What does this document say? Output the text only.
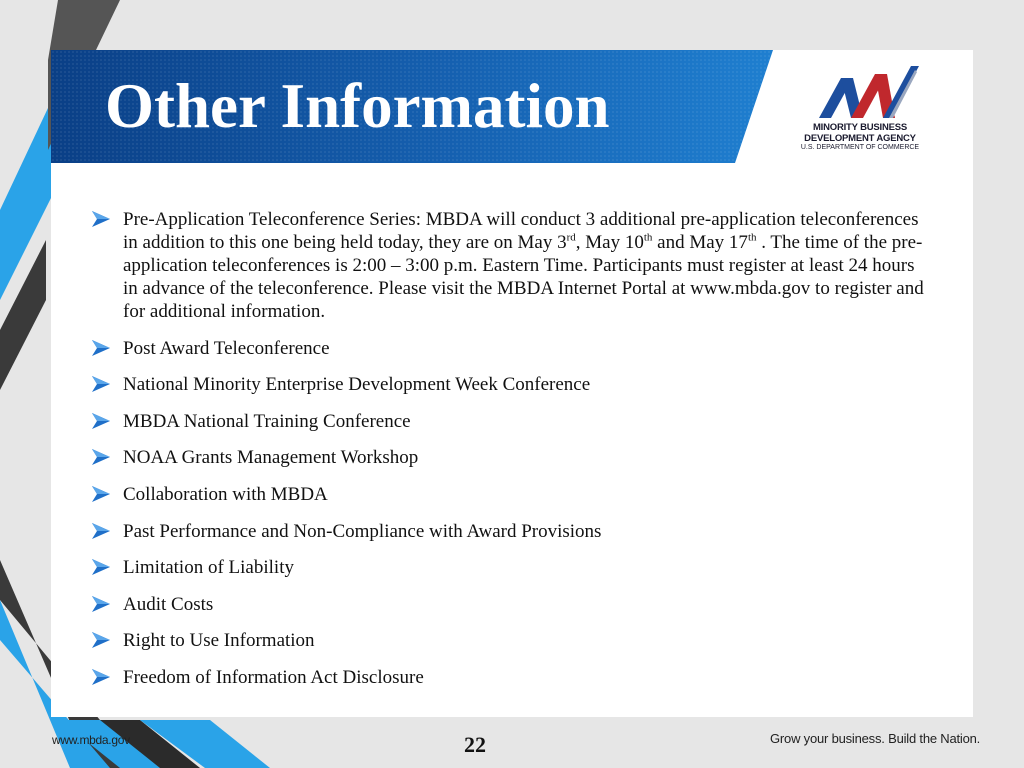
Other Information	MINORITY BUSINESS
DEVELOPMENT AGENCY
U.S. DEPARTMENT OF COMMERCE
Pre-Application Teleconference Series: MBDA will conduct 3 additional pre-application teleconferences in addition to this one being held today, they are on May 3rd, May 10th and May 17th . The time of the pre-application teleconferences is 2:00 – 3:00 p.m. Eastern Time. Participants must register at least 24 hours in advance of the teleconference. Please visit the MBDA Internet Portal at www.mbda.gov to register and for additional information.
Post Award Teleconference
National Minority Enterprise Development Week Conference
MBDA National Training Conference
NOAA Grants Management Workshop
Collaboration with MBDA
Past Performance and Non-Compliance with Award Provisions
Limitation of Liability
Audit Costs
Right to Use Information
Freedom of Information Act Disclosure
www.mbda.gov	22	Grow your business. Build the Nation.
